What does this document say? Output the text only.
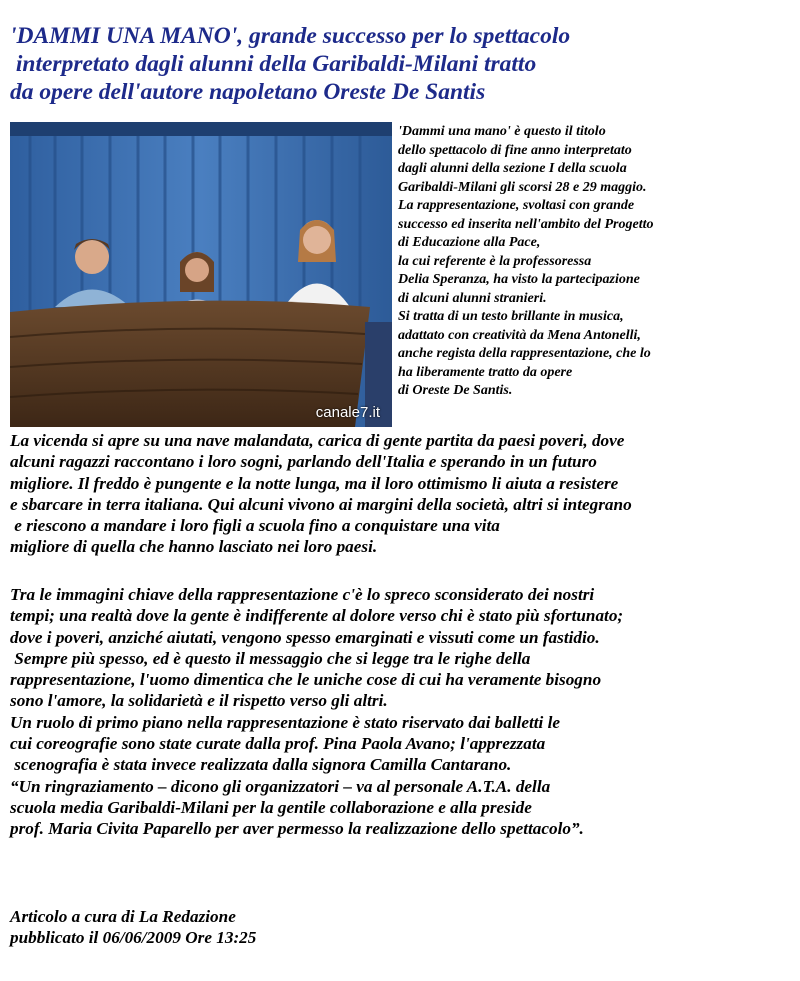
'DAMMI UNA MANO', grande successo per lo spettacolo
interpretato dagli alunni della Garibaldi-Milani tratto
da opere dell'autore napoletano Oreste De Santis
canale7.it
'Dammi una mano' è questo il titolo
dello spettacolo di fine anno interpretato
dagli alunni della sezione I della scuola
Garibaldi-Milani gli scorsi 28 e 29 maggio.
La rappresentazione, svoltasi con grande
successo ed inserita nell'ambito del Progetto
di Educazione alla Pace,
la cui referente è la professoressa
Delia Speranza, ha visto la partecipazione
di alcuni alunni stranieri.
Si tratta di un testo brillante in musica,
adattato con creatività da Mena Antonelli,
anche regista della rappresentazione, che lo
ha liberamente tratto da opere
di Oreste De Santis.
La vicenda si apre su una nave malandata, carica di gente partita da paesi poveri, dove
alcuni ragazzi raccontano i loro sogni, parlando dell'Italia e sperando in un futuro
migliore. Il freddo è pungente e la notte lunga, ma il loro ottimismo li aiuta a resistere
e sbarcare in terra italiana. Qui alcuni vivono ai margini della società, altri si integrano
e riescono a mandare i loro figli a scuola fino a conquistare una vita
migliore di quella che hanno lasciato nei loro paesi.
Tra le immagini chiave della rappresentazione c'è lo spreco sconsiderato dei nostri
tempi; una realtà dove la gente è indifferente al dolore verso chi è stato più sfortunato;
dove i poveri, anziché aiutati, vengono spesso emarginati e vissuti come un fastidio.
Sempre più spesso, ed è questo il messaggio che si legge tra le righe della
rappresentazione, l'uomo dimentica che le uniche cose di cui ha veramente bisogno
sono l'amore, la solidarietà e il rispetto verso gli altri.
Un ruolo di primo piano nella rappresentazione è stato riservato dai balletti le
cui coreografie sono state curate dalla prof. Pina Paola Avano; l'apprezzata
scenografia è stata invece realizzata dalla signora Camilla Cantarano.
“Un ringraziamento – dicono gli organizzatori – va al personale A.T.A. della
scuola media Garibaldi-Milani per la gentile collaborazione e alla preside
prof. Maria Civita Paparello per aver permesso la realizzazione dello spettacolo”.
Articolo a cura di La Redazione
pubblicato il 06/06/2009 Ore 13:25
